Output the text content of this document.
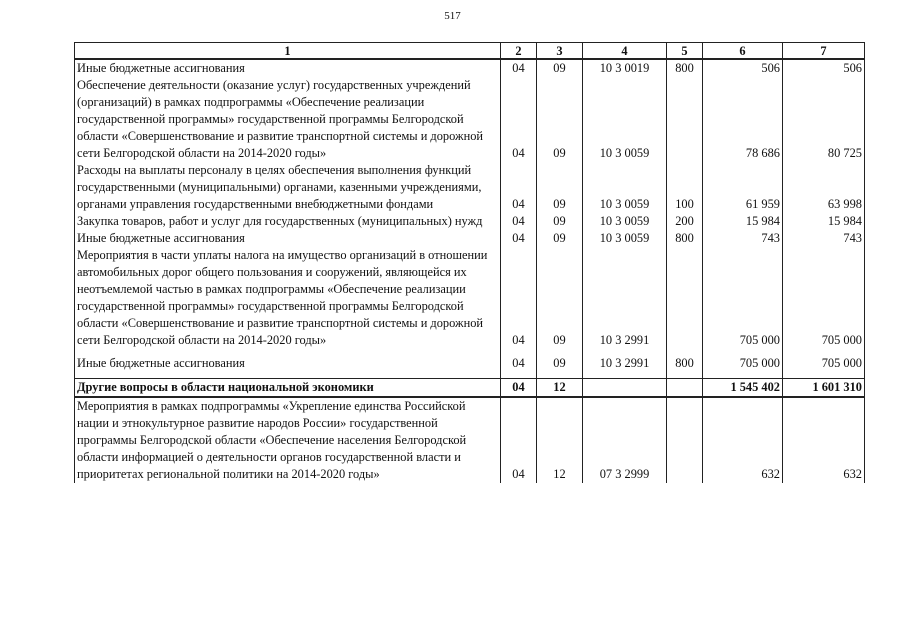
517
1	2	3	4	5	6	7
Иные бюджетные ассигнования	04	09	10 3 0019	800	506	506
Обеспечение деятельности (оказание услуг) государственных учреждений (организаций) в рамках подпрограммы «Обеспечение реализации государственной программы» государственной программы Белгородской области «Совершенствование и развитие транспортной системы и дорожной сети Белгородской области на 2014-2020 годы»	04	09	10 3 0059		78 686	80 725
Расходы на выплаты персоналу в целях обеспечения выполнения функций государственными (муниципальными) органами, казенными учреждениями, органами управления государственными внебюджетными фондами	04	09	10 3 0059	100	61 959	63 998
Закупка товаров, работ и услуг для государственных (муниципальных) нужд	04	09	10 3 0059	200	15 984	15 984
Иные бюджетные ассигнования	04	09	10 3 0059	800	743	743
Мероприятия в части уплаты налога на имущество организаций в отношении автомобильных дорог общего пользования и сооружений, являющейся их неотъемлемой частью в рамках подпрограммы «Обеспечение реализации государственной программы» государственной программы Белгородской области «Совершенствование и развитие транспортной системы и дорожной сети Белгородской области на 2014-2020 годы»	04	09	10 3 2991		705 000	705 000

Иные бюджетные ассигнования	04	09	10 3 2991	800	705 000	705 000

Другие вопросы в области национальной экономики	04	12			1 545 402	1 601 310
Мероприятия в рамках подпрограммы «Укрепление единства Российской нации и этнокультурное развитие народов России» государственной программы Белгородской области «Обеспечение населения Белгородской области информацией о деятельности органов государственной власти и приоритетах региональной политики на 2014-2020 годы»	04	12	07 3 2999		632	632
